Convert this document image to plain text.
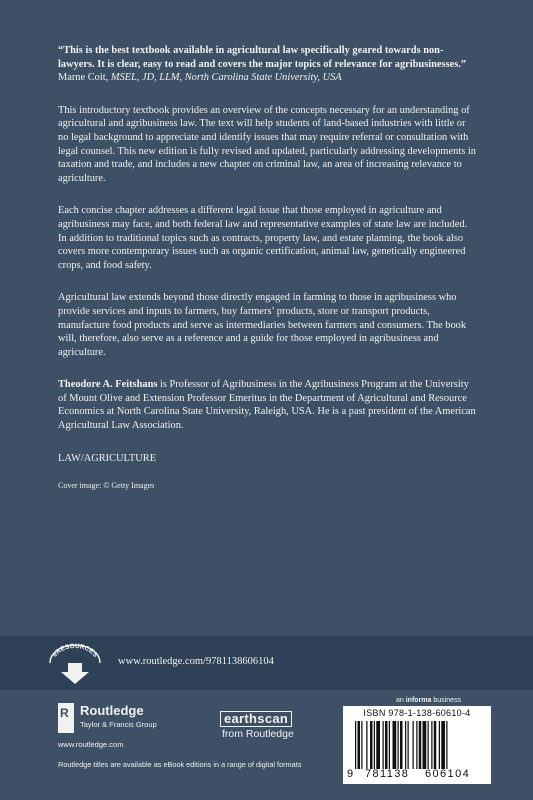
“This is the best textbook available in agricultural law specifically geared towards non-lawyers. It is clear, easy to read and covers the major topics of relevance for agribusinesses.”

Marne Coit, MSEL, JD, LLM, North Carolina State University, USA

This introductory textbook provides an overview of the concepts necessary for an understanding of agricultural and agribusiness law. The text will help students of land-based industries with little or no legal background to appreciate and identify issues that may require referral or consultation with legal counsel. This new edition is fully revised and updated, particularly addressing developments in taxation and trade, and includes a new chapter on criminal law, an area of increasing relevance to agriculture.

Each concise chapter addresses a different legal issue that those employed in agriculture and agribusiness may face, and both federal law and representative examples of state law are included. In addition to traditional topics such as contracts, property law, and estate planning, the book also covers more contemporary issues such as organic certification, animal law, genetically engineered crops, and food safety.

Agricultural law extends beyond those directly engaged in farming to those in agribusiness who provide services and inputs to farmers, buy farmers’ products, store or transport products, manufacture food products and serve as intermediaries between farmers and consumers. The book will, therefore, also serve as a reference and a guide for those employed in agribusiness and agriculture.

Theodore A. Feitshans is Professor of Agribusiness in the Agribusiness Program at the University of Mount Olive and Extension Professor Emeritus in the Department of Agricultural and Resource Economics at North Carolina State University, Raleigh, USA. He is a past president of the American Agricultural Law Association.

LAW/AGRICULTURE

Cover image: © Getty Images

eRESOURCES
www.routledge.com/9781138606104
R Routledge
Taylor & Francis Group
www.routledge.com
earthscan
from Routledge
an informa business
ISBN 978-1-138-60610-4
9 781138 606104
Routledge titles are available as eBook editions in a range of digital formats
